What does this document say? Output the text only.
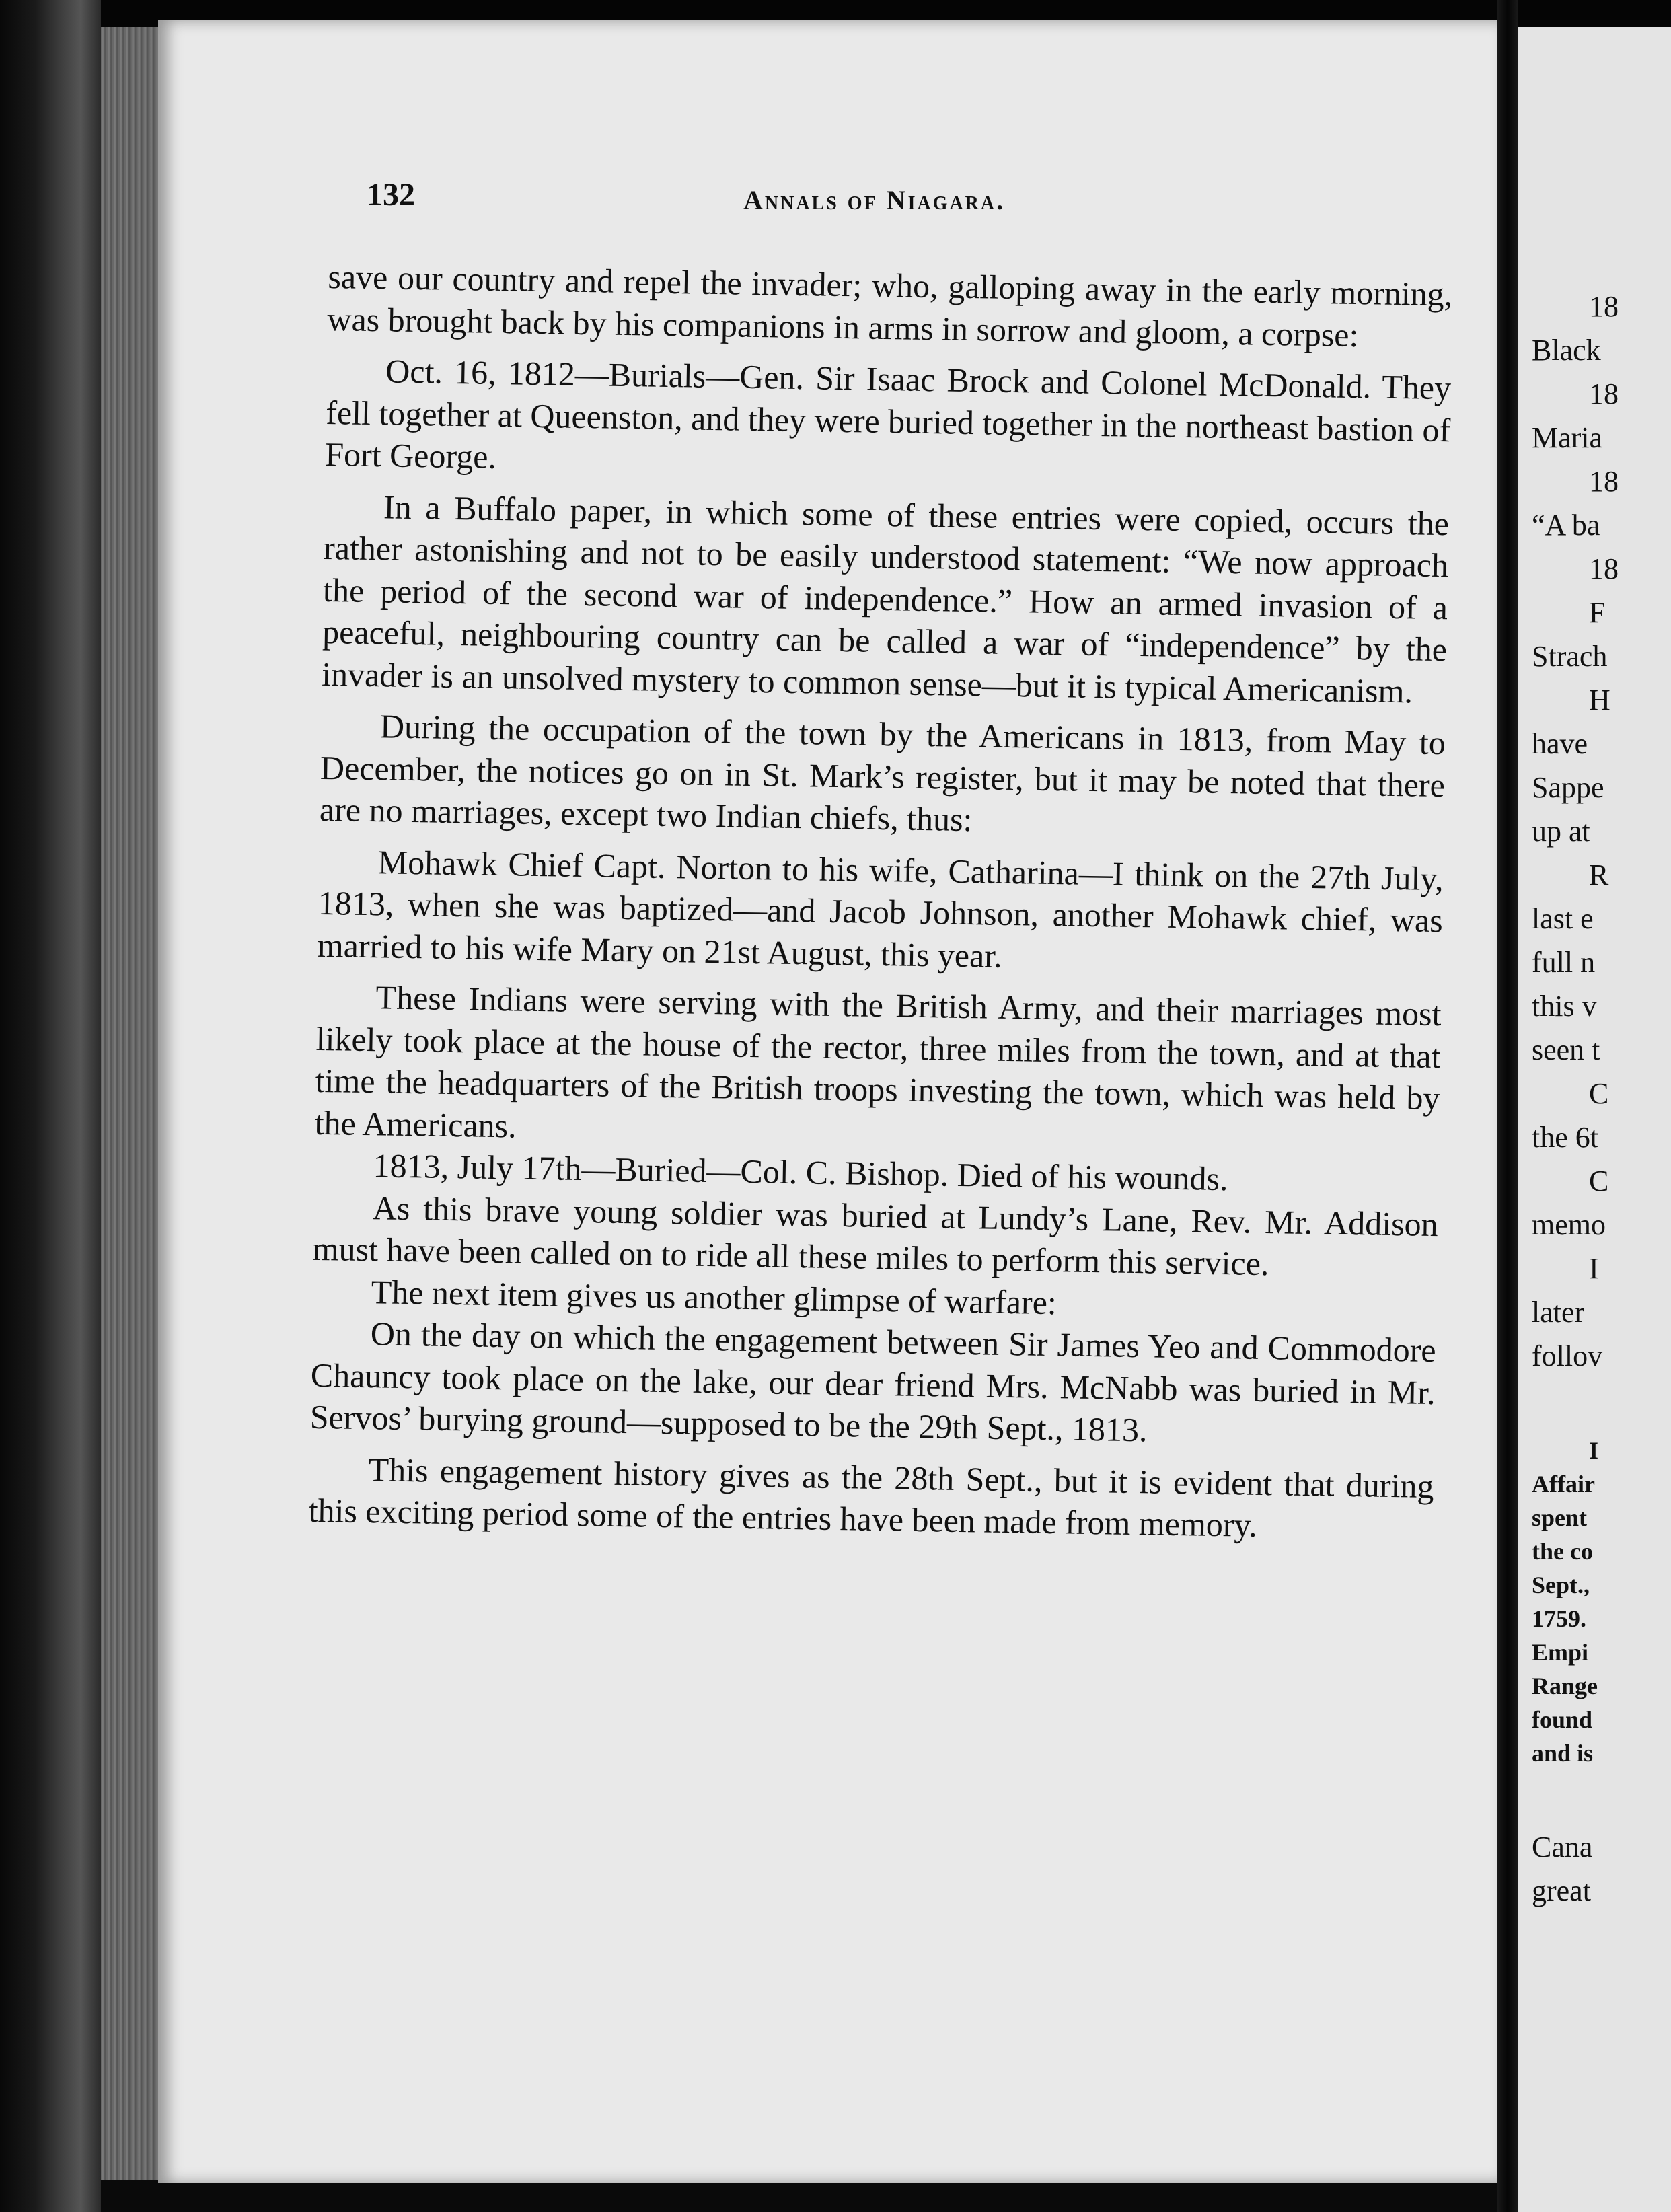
132	Annals of Niagara.

save our country and repel the invader; who, galloping away in the early morning, was brought back by his companions in arms in sorrow and gloom, a corpse:

Oct. 16, 1812—Burials—Gen. Sir Isaac Brock and Colonel McDonald. They fell together at Queenston, and they were buried together in the northeast bastion of Fort George.

In a Buffalo paper, in which some of these entries were copied, occurs the rather astonishing and not to be easily understood statement: “We now approach the period of the second war of independence.” How an armed invasion of a peaceful, neighbouring country can be called a war of “independence” by the invader is an unsolved mystery to common sense—but it is typical Americanism.

During the occupation of the town by the Americans in 1813, from May to December, the notices go on in St. Mark’s register, but it may be noted that there are no marriages, except two Indian chiefs, thus:

Mohawk Chief Capt. Norton to his wife, Catharina—I think on the 27th July, 1813, when she was baptized—and Jacob Johnson, another Mohawk chief, was married to his wife Mary on 21st August, this year.

These Indians were serving with the British Army, and their marriages most likely took place at the house of the rector, three miles from the town, and at that time the headquarters of the British troops investing the town, which was held by the Americans.

1813, July 17th—Buried—Col. C. Bishop. Died of his wounds.

As this brave young soldier was buried at Lundy’s Lane, Rev. Mr. Addison must have been called on to ride all these miles to perform this service.

The next item gives us another glimpse of warfare:

On the day on which the engagement between Sir James Yeo and Commodore Chauncy took place on the lake, our dear friend Mrs. McNabb was buried in Mr. Servos’ burying ground—supposed to be the 29th Sept., 1813.

This engagement history gives as the 28th Sept., but it is evident that during this exciting period some of the entries have been made from memory.

18
Black
18
Maria
18
“A ba
18
F
Strach
H
have
Sappe
up at
R
last e
full n
this v
seen t
C
the 6t
C
memo
I
later
follov
I
Affair
spent
the co
Sept.,
1759.
Empi
Range
found
and is
Cana
great
